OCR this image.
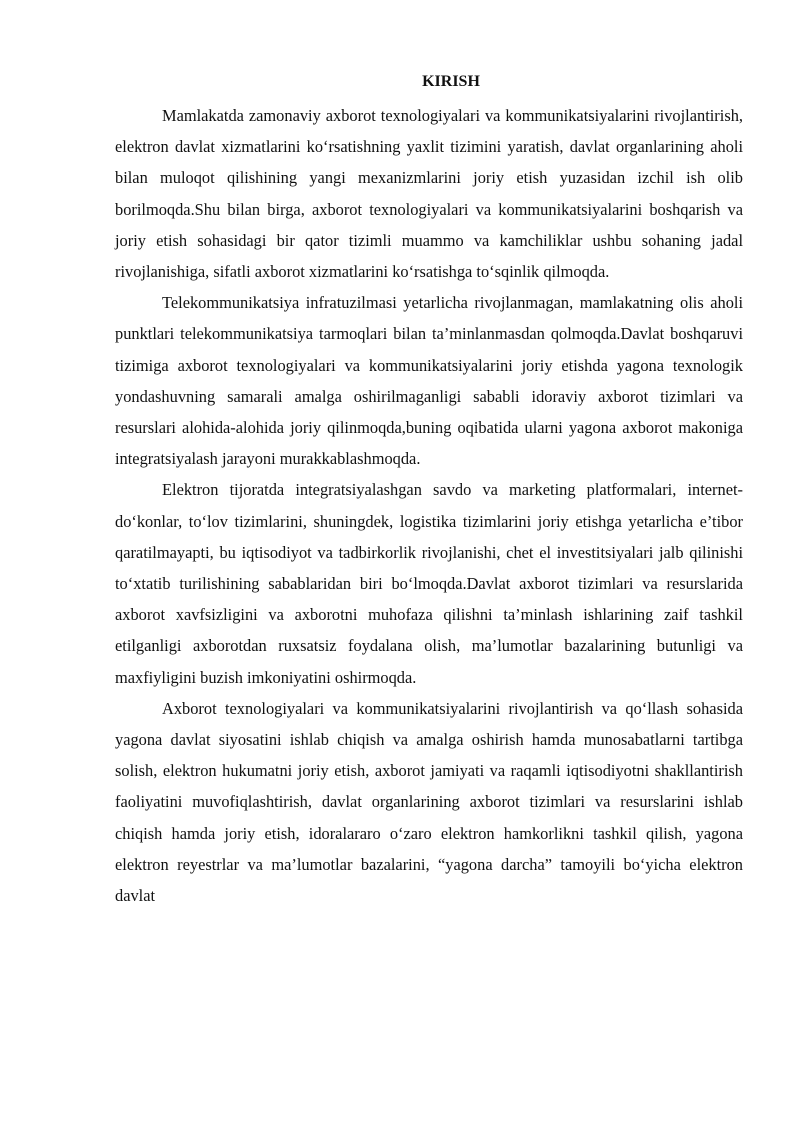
KIRISH

Mamlakatda zamonaviy axborot texnologiyalari va kommunikatsiyalarini rivojlantirish, elektron davlat xizmatlarini ko‘rsatishning yaxlit tizimini yaratish, davlat organlarining aholi bilan muloqot qilishining yangi mexanizmlarini joriy etish yuzasidan izchil ish olib borilmoqda.Shu bilan birga, axborot texnologiyalari va kommunikatsiyalarini boshqarish va joriy etish sohasidagi bir qator tizimli muammo va kamchiliklar ushbu sohaning jadal rivojlanishiga, sifatli axborot xizmatlarini ko‘rsatishga to‘sqinlik qilmoqda.

Telekommunikatsiya infratuzilmasi yetarlicha rivojlanmagan, mamlakatning olis aholi punktlari telekommunikatsiya tarmoqlari bilan ta’minlanmasdan qolmoqda.Davlat boshqaruvi tizimiga axborot texnologiyalari va kommunikatsiyalarini joriy etishda yagona texnologik yondashuvning samarali amalga oshirilmaganligi sababli idoraviy axborot tizimlari va resurslari alohida-alohida joriy qilinmoqda,buning oqibatida ularni yagona axborot makoniga integratsiyalash jarayoni murakkablashmoqda.

Elektron tijoratda integratsiyalashgan savdo va marketing platformalari, internet-do‘konlar, to‘lov tizimlarini, shuningdek, logistika tizimlarini joriy etishga yetarlicha e’tibor qaratilmayapti, bu iqtisodiyot va tadbirkorlik rivojlanishi, chet el investitsiyalari jalb qilinishi to‘xtatib turilishining sabablaridan biri bo‘lmoqda.Davlat axborot tizimlari va resurslarida axborot xavfsizligini va axborotni muhofaza qilishni ta’minlash ishlarining zaif tashkil etilganligi axborotdan ruxsatsiz foydalana olish, ma’lumotlar bazalarining butunligi va maxfiyligini buzish imkoniyatini oshirmoqda.

Axborot texnologiyalari va kommunikatsiyalarini rivojlantirish va qo‘llash sohasida yagona davlat siyosatini ishlab chiqish va amalga oshirish hamda munosabatlarni tartibga solish, elektron hukumatni joriy etish, axborot jamiyati va raqamli iqtisodiyotni shakllantirish faoliyatini muvofiqlashtirish, davlat organlarining axborot tizimlari va resurslarini ishlab chiqish hamda joriy etish, idoralararo o‘zaro elektron hamkorlikni tashkil qilish, yagona elektron reyestrlar va ma’lumotlar bazalarini, “yagona darcha” tamoyili bo‘yicha elektron davlat
